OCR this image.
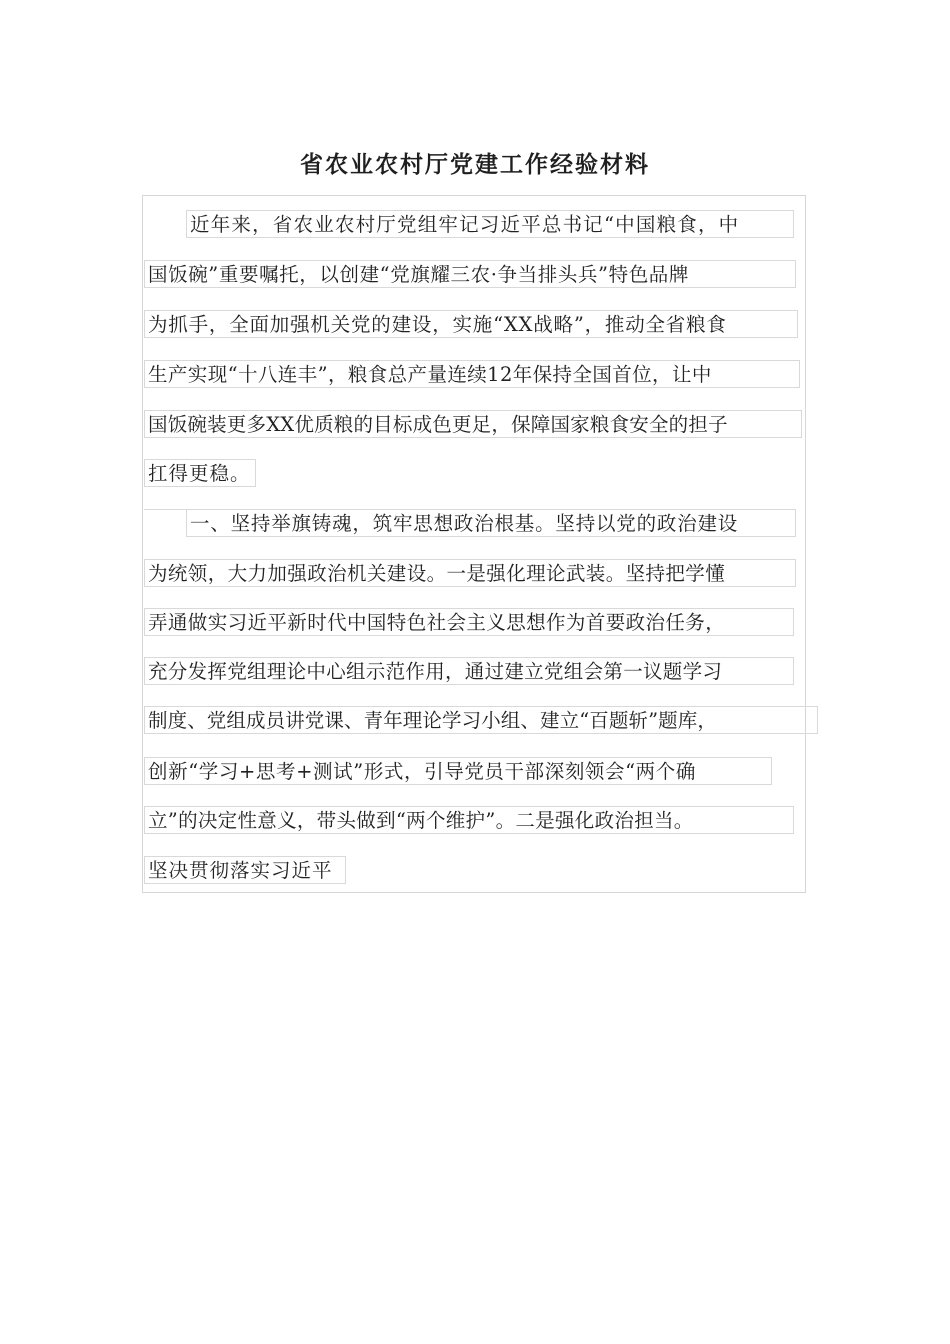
省农业农村厅党建工作经验材料
近年来，省农业农村厅党组牢记习近平总书记“中国粮食，中
国饭碗”重要嘱托，以创建“党旗耀三农·争当排头兵”特色品牌
为抓手，全面加强机关党的建设，实施“XX战略”，推动全省粮食
生产实现“十八连丰”，粮食总产量连续12年保持全国首位，让中
国饭碗装更多XX优质粮的目标成色更足，保障国家粮食安全的担子
扛得更稳。
一、坚持举旗铸魂，筑牢思想政治根基。坚持以党的政治建设
为统领，大力加强政治机关建设。一是强化理论武装。坚持把学懂
弄通做实习近平新时代中国特色社会主义思想作为首要政治任务，
充分发挥党组理论中心组示范作用，通过建立党组会第一议题学习
制度、党组成员讲党课、青年理论学习小组、建立“百题斩”题库，
创新“学习+思考+测试”形式，引导党员干部深刻领会“两个确
立”的决定性意义，带头做到“两个维护”。二是强化政治担当。
坚决贯彻落实习近平
